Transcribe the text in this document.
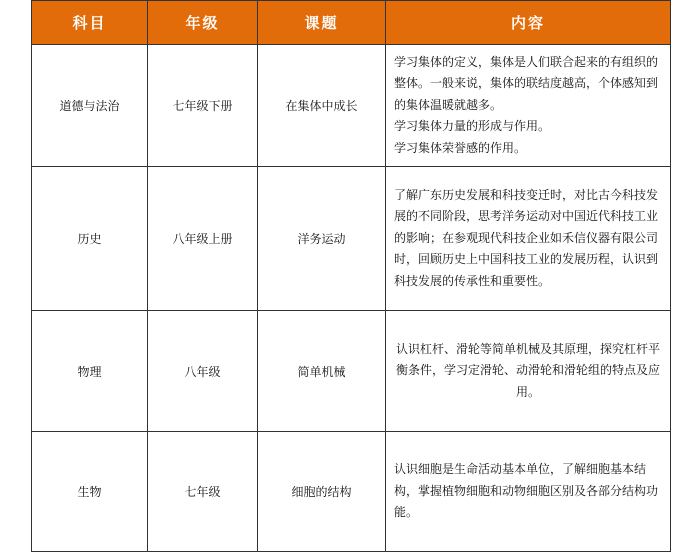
科目	年级	课题	内容
道德与法治	七年级下册	在集体中成长	学习集体的定义，集体是人们联合起来的有组织的
整体。一般来说，集体的联结度越高，个体感知到
的集体温暖就越多。
学习集体力量的形成与作用。
学习集体荣誉感的作用。

历史	八年级上册	洋务运动	了解广东历史发展和科技变迁时，对比古今科技发
展的不同阶段，思考洋务运动对中国近代科技工业
的影响；在参观现代科技企业如禾信仪器有限公司
时，回顾历史上中国科技工业的发展历程，认识到
科技发展的传承性和重要性。

物理	八年级	简单机械	认识杠杆、滑轮等简单机械及其原理，探究杠杆平
衡条件，学习定滑轮、动滑轮和滑轮组的特点及应
用。

生物	七年级	细胞的结构	认识细胞是生命活动基本单位，了解细胞基本结
构，掌握植物细胞和动物细胞区别及各部分结构功
能。
